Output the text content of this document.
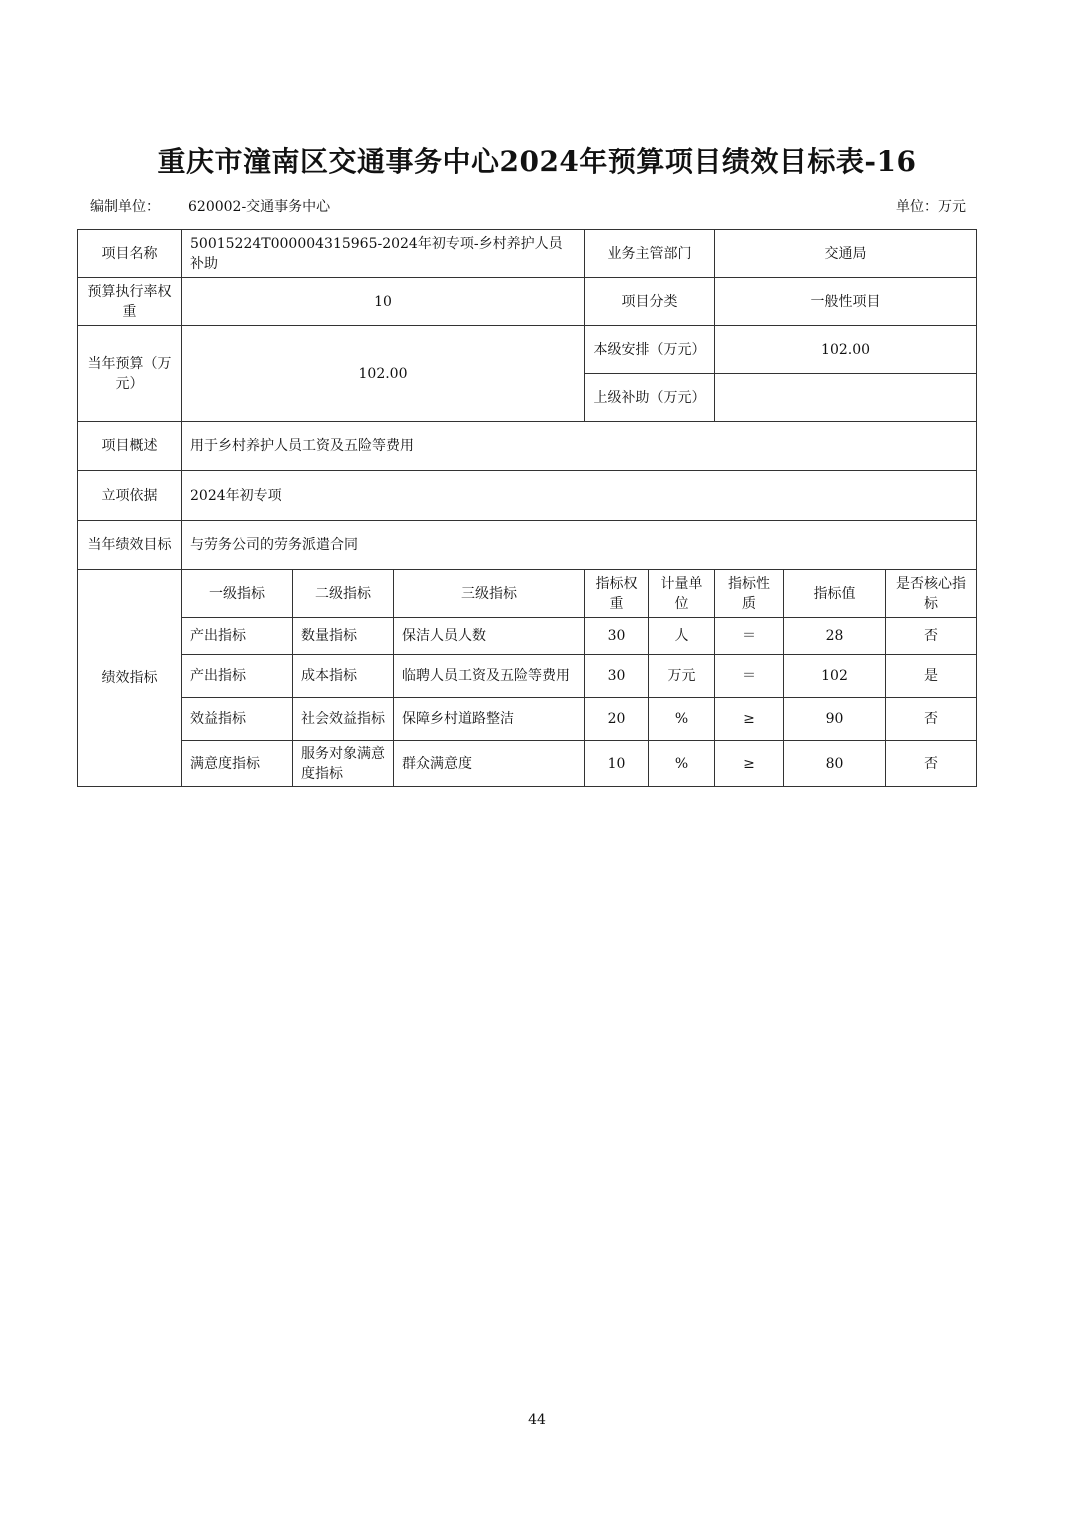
重庆市潼南区交通事务中心2024年预算项目绩效目标表-16
编制单位： 620002-交通事务中心	单位：万元
项目名称	50015224T000004315965-2024年初专项-乡村养护人员补助			业务主管部门		交通局		
预算执行率权重	10			项目分类		一般性项目		
当年预算（万元）	102.00			本级安排（万元）		102.00		
				上级补助（万元）				
项目概述	用于乡村养护人员工资及五险等费用							
立项依据	2024年初专项							
当年绩效目标	与劳务公司的劳务派遣合同							
绩效指标	一级指标	二级指标	三级指标	指标权重	计量单位	指标性质	指标值	是否核心指标
	产出指标	数量指标	保洁人员人数	30	人	＝	28	否
	产出指标	成本指标	临聘人员工资及五险等费用	30	万元	＝	102	是
	效益指标	社会效益指标	保障乡村道路整洁	20	%	≥	90	否
	满意度指标	服务对象满意度指标	群众满意度	10	%	≥	80	否
44
